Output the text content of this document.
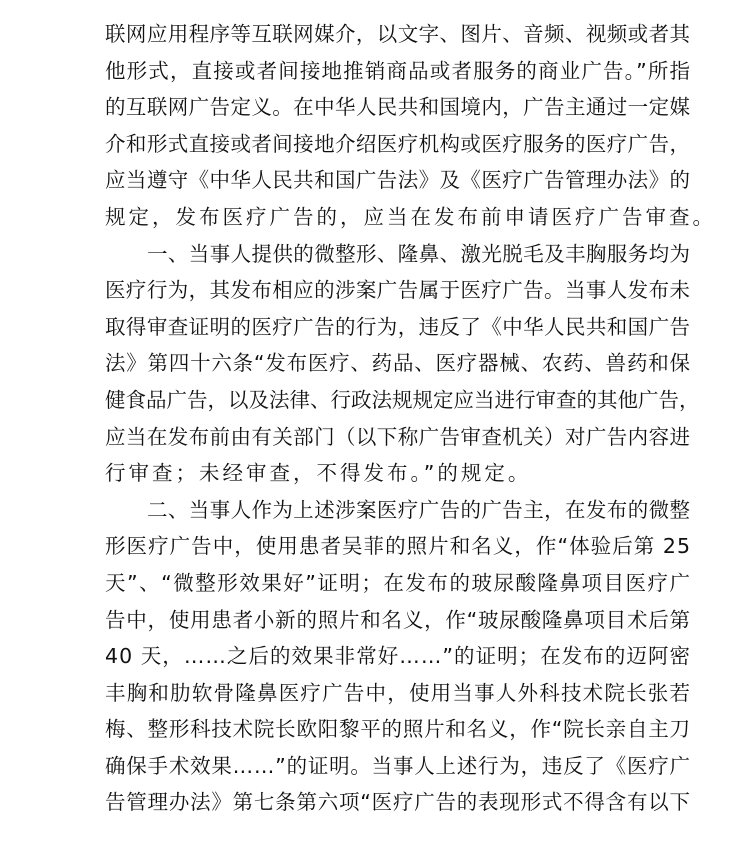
联网应用程序等互联网媒介，以文字、图片、音频、视频或者其
他形式，直接或者间接地推销商品或者服务的商业广告。”所指
的互联网广告定义。在中华人民共和国境内，广告主通过一定媒
介和形式直接或者间接地介绍医疗机构或医疗服务的医疗广告，
应当遵守《中华人民共和国广告法》及《医疗广告管理办法》的
规定，发布医疗广告的，应当在发布前申请医疗广告审查。
一、当事人提供的微整形、隆鼻、激光脱毛及丰胸服务均为
医疗行为，其发布相应的涉案广告属于医疗广告。当事人发布未
取得审查证明的医疗广告的行为，违反了《中华人民共和国广告
法》第四十六条“发布医疗、药品、医疗器械、农药、兽药和保
健食品广告，以及法律、行政法规规定应当进行审查的其他广告，
应当在发布前由有关部门（以下称广告审查机关）对广告内容进
行审查；未经审查，不得发布。”的规定。
二、当事人作为上述涉案医疗广告的广告主，在发布的微整
形医疗广告中，使用患者吴菲的照片和名义，作“体验后第 25
天”、“微整形效果好”证明；在发布的玻尿酸隆鼻项目医疗广
告中，使用患者小新的照片和名义，作“玻尿酸隆鼻项目术后第
40 天，……之后的效果非常好……”的证明；在发布的迈阿密
丰胸和肋软骨隆鼻医疗广告中，使用当事人外科技术院长张若
梅、整形科技术院长欧阳黎平的照片和名义，作“院长亲自主刀
确保手术效果……”的证明。当事人上述行为，违反了《医疗广
告管理办法》第七条第六项“医疗广告的表现形式不得含有以下
